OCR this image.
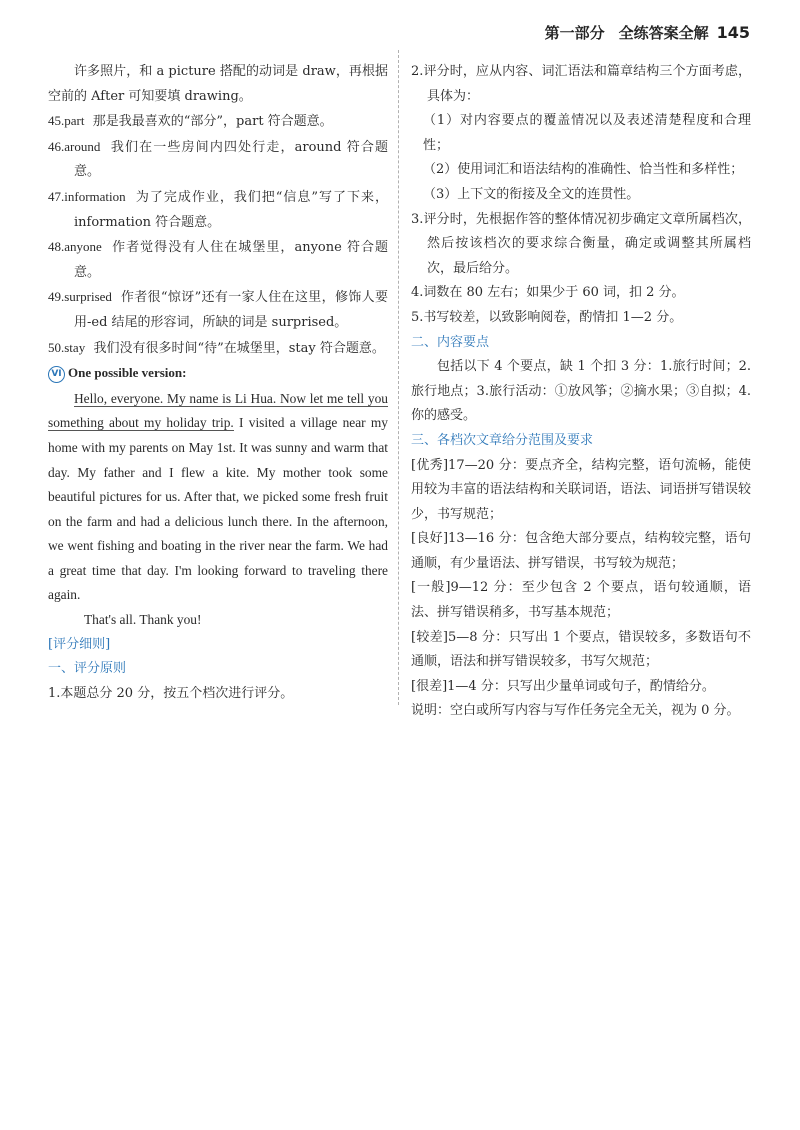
第一部分 全练答案全解 145

许多照片，和 a picture 搭配的动词是 draw，再根据空前的 After 可知要填 drawing。

45.part 那是我最喜欢的“部分”，part 符合题意。

46.around 我们在一些房间内四处行走，around 符合题意。

47.information 为了完成作业，我们把“信息”写了下来，information 符合题意。

48.anyone 作者觉得没有人住在城堡里，anyone 符合题意。

49.surprised 作者很“惊讶”还有一家人住在这里，修饰人要用-ed 结尾的形容词，所缺的词是 surprised。

50.stay 我们没有很多时间“待”在城堡里，stay 符合题意。

VI One possible version:

Hello, everyone. My name is Li Hua. Now let me tell you something about my holiday trip. I visited a village near my home with my parents on May 1st. It was sunny and warm that day. My father and I flew a kite. My mother took some beautiful pictures for us. After that, we picked some fresh fruit on the farm and had a delicious lunch there. In the afternoon, we went fishing and boating in the river near the farm. We had a great time that day. I'm looking forward to traveling there again.

That's all. Thank you!

[评分细则]

一、评分原则

1.本题总分 20 分，按五个档次进行评分。

2.评分时，应从内容、词汇语法和篇章结构三个方面考虑，具体为：

（1）对内容要点的覆盖情况以及表述清楚程度和合理性；

（2）使用词汇和语法结构的准确性、恰当性和多样性；

（3）上下文的衔接及全文的连贯性。

3.评分时，先根据作答的整体情况初步确定文章所属档次，然后按该档次的要求综合衡量，确定或调整其所属档次，最后给分。

4.词数在 80 左右；如果少于 60 词，扣 2 分。

5.书写较差，以致影响阅卷，酌情扣 1—2 分。

二、内容要点

包括以下 4 个要点，缺 1 个扣 3 分：1.旅行时间；2.旅行地点；3.旅行活动：①放风筝；②摘水果；③自拟；4.你的感受。

三、各档次文章给分范围及要求

[优秀]17—20 分：要点齐全，结构完整，语句流畅，能使用较为丰富的语法结构和关联词语，语法、词语拼写错误较少，书写规范；

[良好]13—16 分：包含绝大部分要点，结构较完整，语句通顺，有少量语法、拼写错误，书写较为规范；

[一般]9—12 分：至少包含 2 个要点，语句较通顺，语法、拼写错误稍多，书写基本规范；

[较差]5—8 分：只写出 1 个要点，错误较多，多数语句不通顺，语法和拼写错误较多，书写欠规范；

[很差]1—4 分：只写出少量单词或句子，酌情给分。

说明：空白或所写内容与写作任务完全无关，视为 0 分。
